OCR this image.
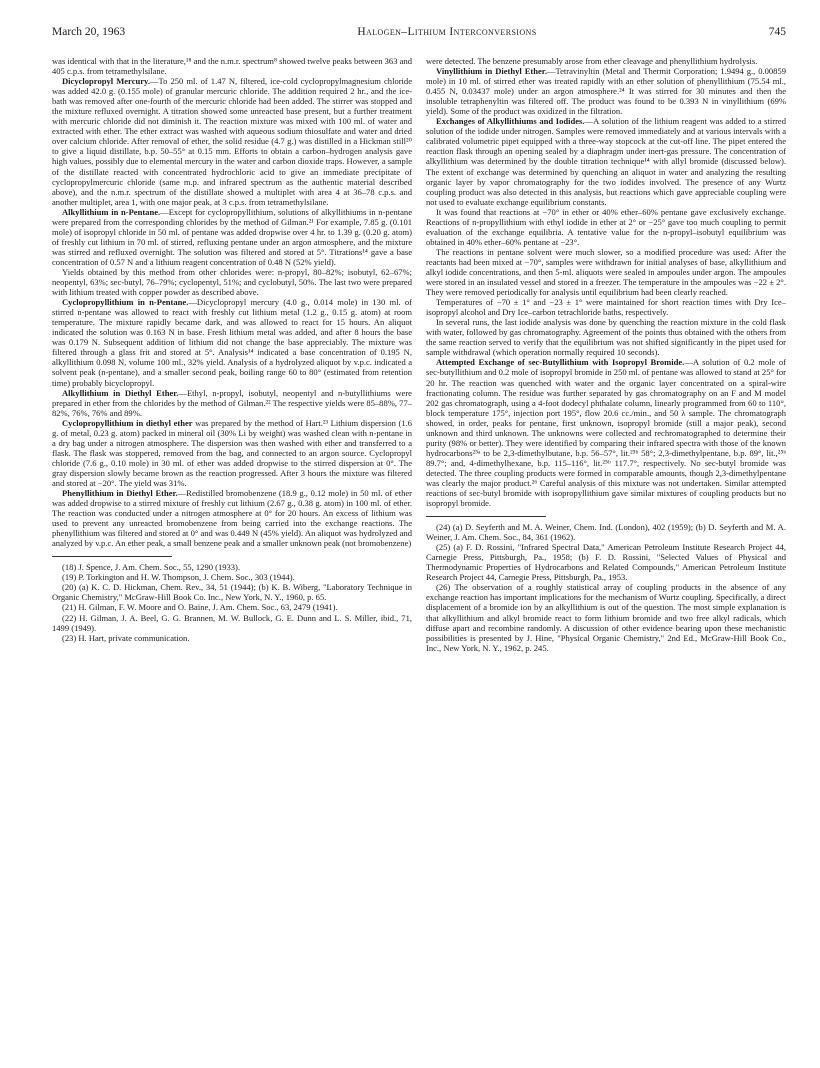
March 20, 1963	Halogen–Lithium Interconversions	745

was identical with that in the literature,¹⁸ and the n.m.r. spectrum⁸ showed twelve peaks between 363 and 405 c.p.s. from tetramethylsilane.

Dicyclopropyl Mercury.—To 250 ml. of 1.47 N, filtered, ice-cold cyclopropylmagnesium chloride was added 42.0 g. (0.155 mole) of granular mercuric chloride. The addition required 2 hr., and the ice-bath was removed after one-fourth of the mercuric chloride had been added. The stirrer was stopped and the mixture refluxed overnight. A titration showed some unreacted base present, but a further treatment with mercuric chloride did not diminish it. The reaction mixture was mixed with 100 ml. of water and extracted with ether. The ether extract was washed with aqueous sodium thiosulfate and water and dried over calcium chloride. After removal of ether, the solid residue (4.7 g.) was distilled in a Hickman still²⁰ to give a liquid distillate, b.p. 50–55° at 0.15 mm. Efforts to obtain a carbon–hydrogen analysis gave high values, possibly due to elemental mercury in the water and carbon dioxide traps. However, a sample of the distillate reacted with concentrated hydrochloric acid to give an immediate precipitate of cyclopropylmercuric chloride (same m.p. and infrared spectrum as the authentic material described above), and the n.m.r. spectrum of the distillate showed a multiplet with area 4 at 36–78 c.p.s. and another multiplet, area 1, with one major peak, at 3 c.p.s. from tetramethylsilane.

Alkyllithium in n-Pentane.—Except for cyclopropyllithium, solutions of alkyllithiums in n-pentane were prepared from the corresponding chlorides by the method of Gilman.²¹ For example, 7.85 g. (0.101 mole) of isopropyl chloride in 50 ml. of pentane was added dropwise over 4 hr. to 1.39 g. (0.20 g. atom) of freshly cut lithium in 70 ml. of stirred, refluxing pentane under an argon atmosphere, and the mixture was stirred and refluxed overnight. The solution was filtered and stored at 5°. Titrations¹⁴ gave a base concentration of 0.57 N and a lithium reagent concentration of 0.48 N (52% yield).

Yields obtained by this method from other chlorides were: n-propyl, 80–82%; isobutyl, 62–67%; neopentyl, 63%; sec-butyl, 76–79%; cyclopentyl, 51%; and cyclobutyl, 50%. The last two were prepared with lithium treated with copper powder as described above.

Cyclopropyllithium in n-Pentane.—Dicyclopropyl mercury (4.0 g., 0.014 mole) in 130 ml. of stirred n-pentane was allowed to react with freshly cut lithium metal (1.2 g., 0.15 g. atom) at room temperature. The mixture rapidly became dark, and was allowed to react for 15 hours. An aliquot indicated the solution was 0.163 N in base. Fresh lithium metal was added, and after 8 hours the base was 0.179 N. Subsequent addition of lithium did not change the base appreciably. The mixture was filtered through a glass frit and stored at 5°. Analysis¹⁴ indicated a base concentration of 0.195 N, alkyllithium 0.098 N, volume 100 ml., 32% yield. Analysis of a hydrolyzed aliquot by v.p.c. indicated a solvent peak (n-pentane), and a smaller second peak, boiling range 60 to 80° (estimated from retention time) probably bicyclopropyl.

Alkyllithium in Diethyl Ether.—Ethyl, n-propyl, isobutyl, neopentyl and n-butyllithiums were prepared in ether from the chlorides by the method of Gilman.²² The respective yields were 85–88%, 77–82%, 76%, 76% and 89%.

Cyclopropyllithium in diethyl ether was prepared by the method of Hart.²³ Lithium dispersion (1.6 g. of metal, 0.23 g. atom) packed in mineral oil (30% Li by weight) was washed clean with n-pentane in a dry bag under a nitrogen atmosphere. The dispersion was then washed with ether and transferred to a flask. The flask was stoppered, removed from the bag, and connected to an argon source. Cyclopropyl chloride (7.6 g., 0.10 mole) in 30 ml. of ether was added dropwise to the stirred dispersion at 0°. The gray dispersion slowly became brown as the reaction progressed. After 3 hours the mixture was filtered and stored at −20°. The yield was 31%.

Phenyllithium in Diethyl Ether.—Redistilled bromobenzene (18.9 g., 0.12 mole) in 50 ml. of ether was added dropwise to a stirred mixture of freshly cut lithium (2.67 g., 0.38 g. atom) in 100 ml. of ether. The reaction was conducted under a nitrogen atmosphere at 0° for 20 hours. An excess of lithium was used to prevent any unreacted bromobenzene from being carried into the exchange reactions. The phenyllithium was filtered and stored at 0° and was 0.449 N (45% yield). An aliquot was hydrolyzed and analyzed by v.p.c. An ether peak, a small benzene peak and a smaller unknown peak (not bromobenzene)

(18) J. Spence, J. Am. Chem. Soc., 55, 1290 (1933).

(19) P. Torkington and H. W. Thompson, J. Chem. Soc., 303 (1944).

(20) (a) K. C. D. Hickman, Chem. Rev., 34, 51 (1944); (b) K. B. Wiberg, "Laboratory Technique in Organic Chemistry," McGraw-Hill Book Co. Inc., New York, N. Y., 1960, p. 65.

(21) H. Gilman, F. W. Moore and O. Baine, J. Am. Chem. Soc., 63, 2479 (1941).

(22) H. Gilman, J. A. Beel, G. G. Brannen, M. W. Bullock, G. E. Dunn and L. S. Miller, ibid., 71, 1499 (1949).

(23) H. Hart, private communication.

were detected. The benzene presumably arose from ether cleavage and phenyllithium hydrolysis.

Vinyllithium in Diethyl Ether.—Tetravinyltin (Metal and Thermit Corporation; 1.9494 g., 0.00859 mole) in 10 ml. of stirred ether was treated rapidly with an ether solution of phenyllithium (75.54 ml., 0.455 N, 0.03437 mole) under an argon atmosphere.²⁴ It was stirred for 30 minutes and then the insoluble tetraphenyltin was filtered off. The product was found to be 0.393 N in vinyllithium (69% yield). Some of the product was oxidized in the filtration.

Exchanges of Alkyllithiums and Iodides.—A solution of the lithium reagent was added to a stirred solution of the iodide under nitrogen. Samples were removed immediately and at various intervals with a calibrated volumetric pipet equipped with a three-way stopcock at the cut-off line. The pipet entered the reaction flask through an opening sealed by a diaphragm under inert-gas pressure. The concentration of alkyllithium was determined by the double titration technique¹⁴ with allyl bromide (discussed below). The extent of exchange was determined by quenching an aliquot in water and analyzing the resulting organic layer by vapor chromatography for the two iodides involved. The presence of any Wurtz coupling product was also detected in this analysis, but reactions which gave appreciable coupling were not used to evaluate exchange equilibrium constants.

It was found that reactions at −70° in ether or 40% ether–60% pentane gave exclusively exchange. Reactions of n-propyllithium with ethyl iodide in ether at 2° or −25° gave too much coupling to permit evaluation of the exchange equilibria. A tentative value for the n-propyl–isobutyl equilibrium was obtained in 40% ether–60% pentane at −23°.

The reactions in pentane solvent were much slower, so a modified procedure was used: After the reactants had been mixed at −70°, samples were withdrawn for initial analyses of base, alkyllithium and alkyl iodide concentrations, and then 5-ml. aliquots were sealed in ampoules under argon. The ampoules were stored in an insulated vessel and stored in a freezer. The temperature in the ampoules was −22 ± 2°. They were removed periodically for analysis until equilibrium had been clearly reached.

Temperatures of −70 ± 1° and −23 ± 1° were maintained for short reaction times with Dry Ice–isopropyl alcohol and Dry Ice–carbon tetrachloride baths, respectively.

In several runs, the last iodide analysis was done by quenching the reaction mixture in the cold flask with water, followed by gas chromatography. Agreement of the points thus obtained with the others from the same reaction served to verify that the equilibrium was not shifted significantly in the pipet used for sample withdrawal (which operation normally required 10 seconds).

Attempted Exchange of sec-Butyllithium with Isopropyl Bromide.—A solution of 0.2 mole of sec-butyllithium and 0.2 mole of isopropyl bromide in 250 ml. of pentane was allowed to stand at 25° for 20 hr. The reaction was quenched with water and the organic layer concentrated on a spiral-wire fractionating column. The residue was further separated by gas chromatography on an F and M model 202 gas chromatograph, using a 4-foot dodecyl phthalate column, linearly programmed from 60 to 110°, block temperature 175°, injection port 195°, flow 20.6 cc./min., and 50 λ sample. The chromatograph showed, in order, peaks for pentane, first unknown, isopropyl bromide (still a major peak), second unknown and third unknown. The unknowns were collected and rechromatographed to determine their purity (98% or better). They were identified by comparing their infrared spectra with those of the known hydrocarbons²⁵ᵃ to be 2,3-dimethylbutane, b.p. 56–57°, lit.²⁵ᵇ 58°; 2,3-dimethylpentane, b.p. 89°, lit.,²⁵ᵇ 89.7°; and, 4-dimethylhexane, b.p. 115–116°, lit.²⁵ᵇ 117.7°, respectively. No sec-butyl bromide was detected. The three coupling products were formed in comparable amounts, though 2,3-dimethylpentane was clearly the major product.²⁶ Careful analysis of this mixture was not undertaken. Similar attempted reactions of sec-butyl bromide with isopropyllithium gave similar mixtures of coupling products but no isopropyl bromide.

(24) (a) D. Seyferth and M. A. Weiner, Chem. Ind. (London), 402 (1959); (b) D. Seyferth and M. A. Weiner, J. Am. Chem. Soc., 84, 361 (1962).

(25) (a) F. D. Rossini, "Infrared Spectral Data," American Petroleum Institute Research Project 44, Carnegie Press, Pittsburgh, Pa., 1958; (b) F. D. Rossini, "Selected Values of Physical and Thermodynamic Properties of Hydrocarbons and Related Compounds," American Petroleum Institute Research Project 44, Carnegie Press, Pittsburgh, Pa., 1953.

(26) The observation of a roughly statistical array of coupling products in the absence of any exchange reaction has important implications for the mechanism of Wurtz coupling. Specifically, a direct displacement of a bromide ion by an alkyllithium is out of the question. The most simple explanation is that alkyllithium and alkyl bromide react to form lithium bromide and two free alkyl radicals, which diffuse apart and recombine randomly. A discussion of other evidence bearing upon these mechanistic possibilities is presented by J. Hine, "Physical Organic Chemistry," 2nd Ed., McGraw-Hill Book Co., Inc., New York, N. Y., 1962, p. 245.
